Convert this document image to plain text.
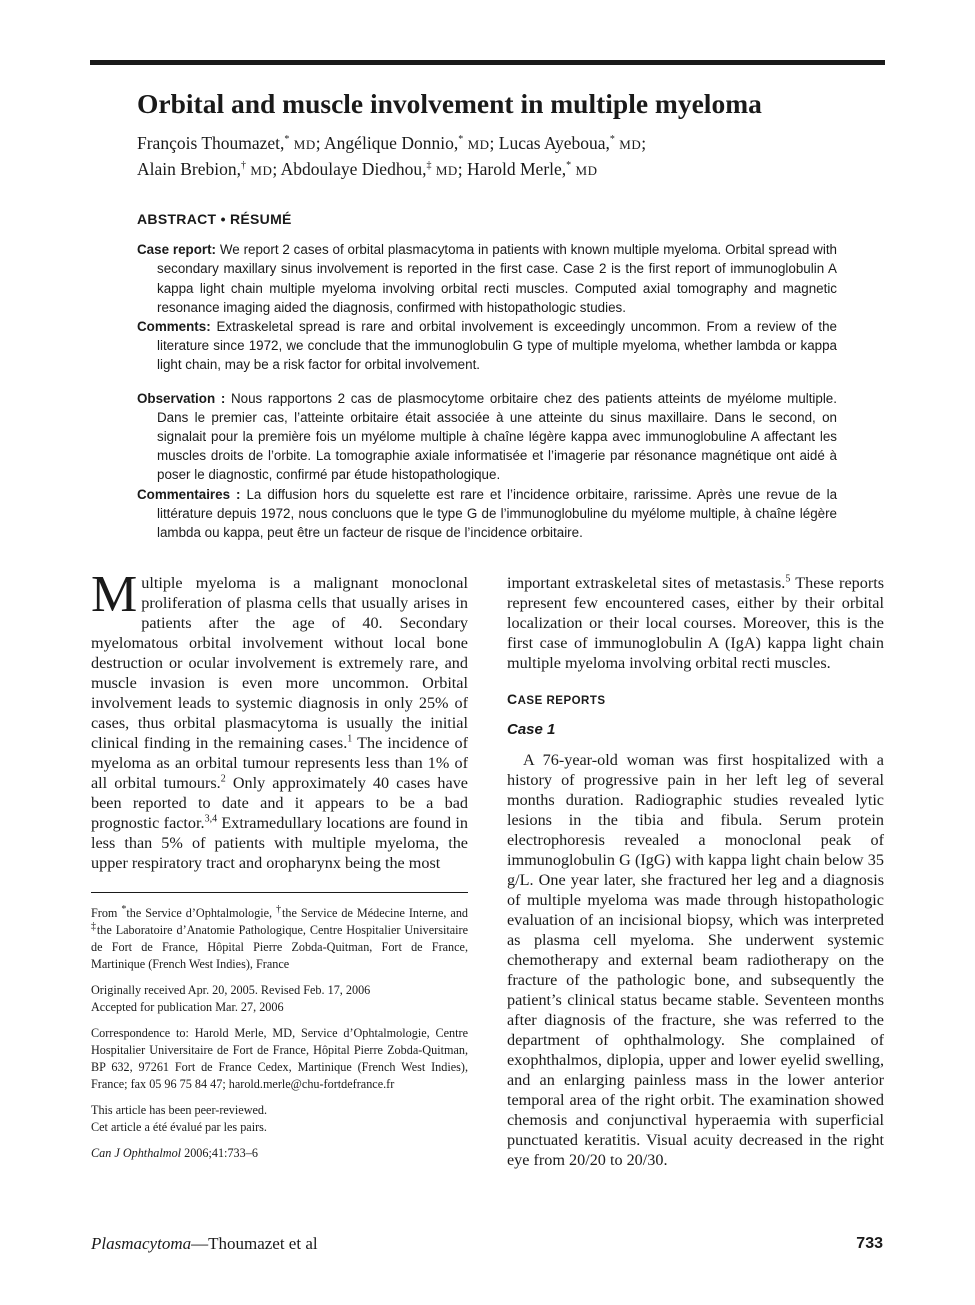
Orbital and muscle involvement in multiple myeloma
François Thoumazet,* MD; Angélique Donnio,* MD; Lucas Ayeboua,* MD;
Alain Brebion,† MD; Abdoulaye Diedhou,‡ MD; Harold Merle,* MD
ABSTRACT • RÉSUMÉ

Case report: We report 2 cases of orbital plasmacytoma in patients with known multiple myeloma. Orbital spread with secondary maxillary sinus involvement is reported in the first case. Case 2 is the first report of immunoglobulin A kappa light chain multiple myeloma involving orbital recti muscles. Computed axial tomography and magnetic resonance imaging aided the diagnosis, confirmed with histopathologic studies.

Comments: Extraskeletal spread is rare and orbital involvement is exceedingly uncommon. From a review of the literature since 1972, we conclude that the immunoglobulin G type of multiple myeloma, whether lambda or kappa light chain, may be a risk factor for orbital involvement.

Observation : Nous rapportons 2 cas de plasmocytome orbitaire chez des patients atteints de myélome multiple. Dans le premier cas, l’atteinte orbitaire était associée à une atteinte du sinus maxillaire. Dans le second, on signalait pour la première fois un myélome multiple à chaîne légère kappa avec immunoglobuline A affectant les muscles droits de l’orbite. La tomographie axiale informatisée et l’imagerie par résonance magnétique ont aidé à poser le diagnostic, confirmé par étude histopathologique.

Commentaires : La diffusion hors du squelette est rare et l’incidence orbitaire, rarissime. Après une revue de la littérature depuis 1972, nous concluons que le type G de l’immunoglobuline du myélome multiple, à chaîne légère lambda ou kappa, peut être un facteur de risque de l’incidence orbitaire.

Multiple myeloma is a malignant monoclonal proliferation of plasma cells that usually arises in patients after the age of 40. Secondary myelomatous orbital involvement without local bone destruction or ocular involvement is extremely rare, and muscle invasion is even more uncommon. Orbital involvement leads to systemic diagnosis in only 25% of cases, thus orbital plasmacytoma is usually the initial clinical finding in the remaining cases.$^1$ The incidence of myeloma as an orbital tumour represents less than 1% of all orbital tumours.$^2$ Only approximately 40 cases have been reported to date and it appears to be a bad prognostic factor.$^{3,4}$ Extramedullary locations are found in less than 5% of patients with multiple myeloma, the upper respiratory tract and oropharynx being the most

From *the Service d’Ophtalmologie, †the Service de Médecine Interne, and ‡the Laboratoire d’Anatomie Pathologique, Centre Hospitalier Universitaire de Fort de France, Hôpital Pierre Zobda-Quitman, Fort de France, Martinique (French West Indies), France

Originally received Apr. 20, 2005. Revised Feb. 17, 2006

Accepted for publication Mar. 27, 2006

Correspondence to: Harold Merle, MD, Service d’Ophtalmologie, Centre Hospitalier Universitaire de Fort de France, Hôpital Pierre Zobda-Quitman, BP 632, 97261 Fort de France Cedex, Martinique (French West Indies), France; fax 05 96 75 84 47; harold.merle@chu-fortdefrance.fr

This article has been peer-reviewed.

Cet article a été évalué par les pairs.

Can J Ophthalmol 2006;41:733–6

important extraskeletal sites of metastasis.$^5$ These reports represent few encountered cases, either by their orbital localization or their local courses. Moreover, this is the first case of immunoglobulin A (IgA) kappa light chain multiple myeloma involving orbital recti muscles.

CASE REPORTS

Case 1

A 76-year-old woman was first hospitalized with a history of progressive pain in her left leg of several months duration. Radiographic studies revealed lytic lesions in the tibia and fibula. Serum protein electrophoresis revealed a monoclonal peak of immunoglobulin G (IgG) with kappa light chain below 35 g/L. One year later, she fractured her leg and a diagnosis of multiple myeloma was made through histopathologic evaluation of an incisional biopsy, which was interpreted as plasma cell myeloma. She underwent systemic chemotherapy and external beam radiotherapy on the fracture of the pathologic bone, and subsequently the patient’s clinical status became stable. Seventeen months after diagnosis of the fracture, she was referred to the department of ophthalmology. She complained of exophthalmos, diplopia, upper and lower eyelid swelling, and an enlarging painless mass in the lower anterior temporal area of the right orbit. The examination showed chemosis and conjunctival hyperaemia with superficial punctuated keratitis. Visual acuity decreased in the right eye from 20/20 to 20/30.

Plasmacytoma—Thoumazet et al	733
